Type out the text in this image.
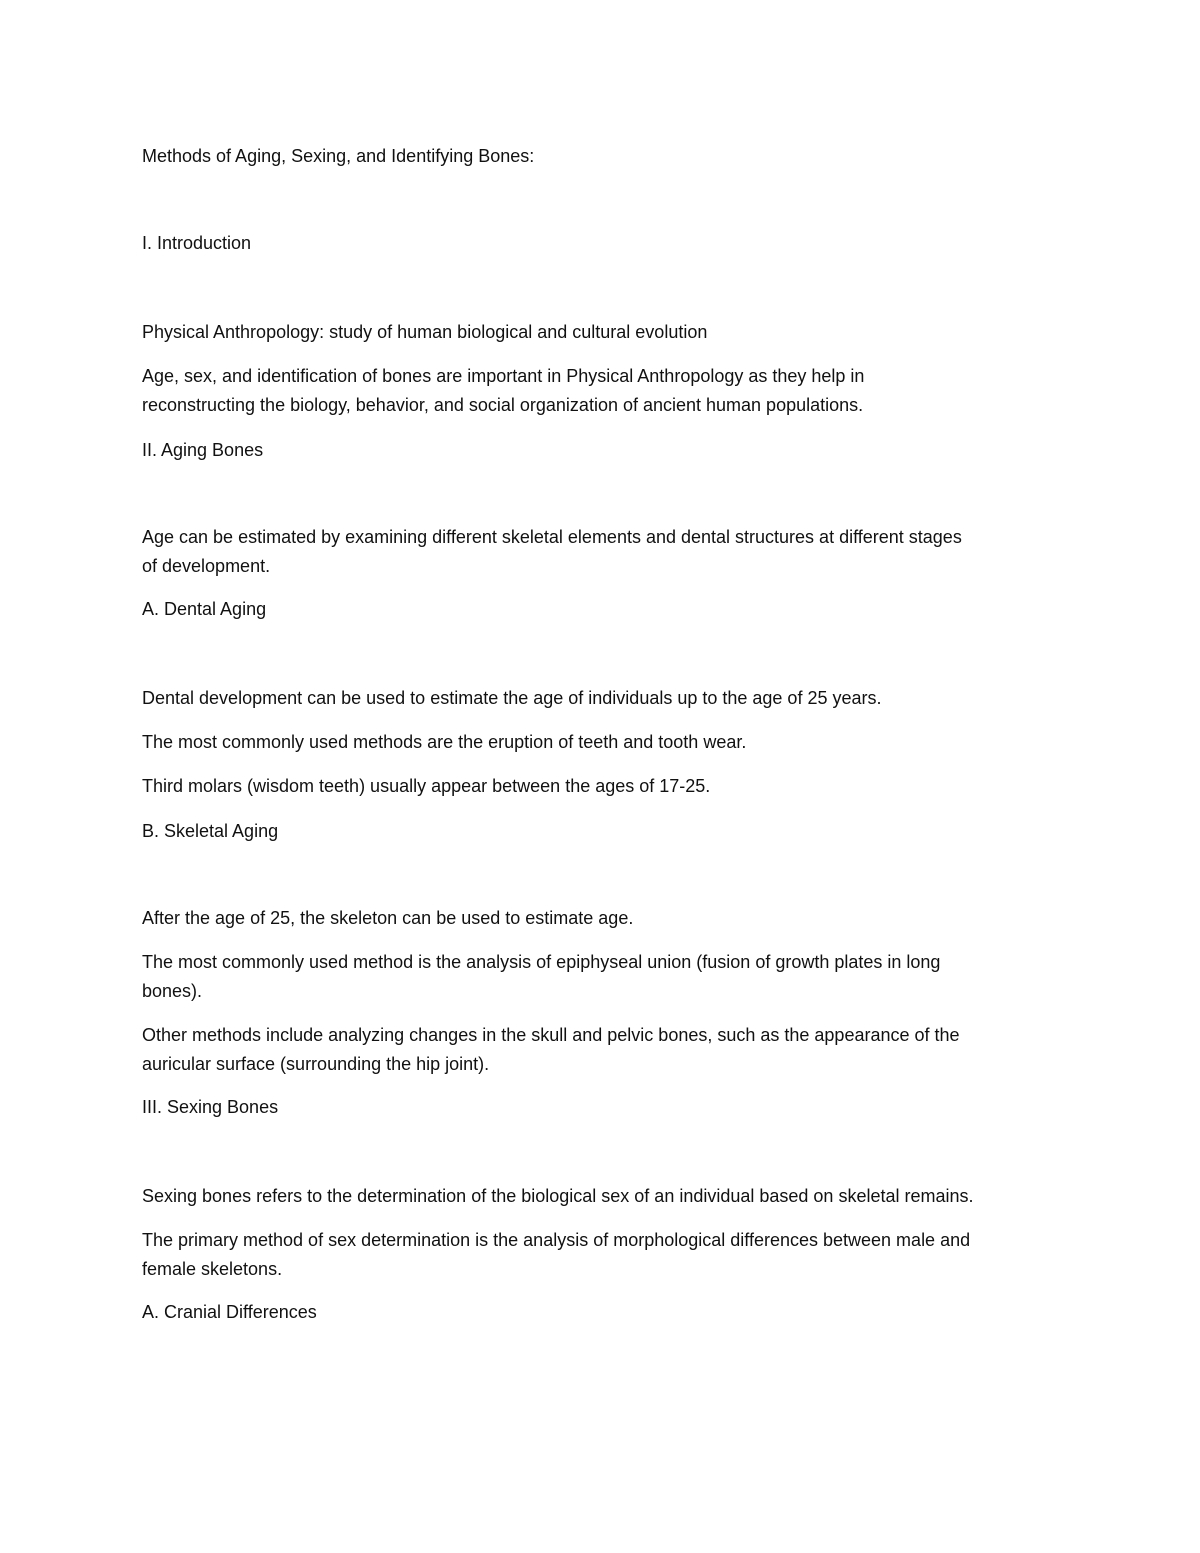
Methods of Aging, Sexing, and Identifying Bones:

I. Introduction

Physical Anthropology: study of human biological and cultural evolution

Age, sex, and identification of bones are important in Physical Anthropology as they help in

reconstructing the biology, behavior, and social organization of ancient human populations.

II. Aging Bones

Age can be estimated by examining different skeletal elements and dental structures at different stages

of development.

A. Dental Aging

Dental development can be used to estimate the age of individuals up to the age of 25 years.

The most commonly used methods are the eruption of teeth and tooth wear.

Third molars (wisdom teeth) usually appear between the ages of 17-25.

B. Skeletal Aging

After the age of 25, the skeleton can be used to estimate age.

The most commonly used method is the analysis of epiphyseal union (fusion of growth plates in long

bones).

Other methods include analyzing changes in the skull and pelvic bones, such as the appearance of the

auricular surface (surrounding the hip joint).

III. Sexing Bones

Sexing bones refers to the determination of the biological sex of an individual based on skeletal remains.

The primary method of sex determination is the analysis of morphological differences between male and

female skeletons.

A. Cranial Differences
